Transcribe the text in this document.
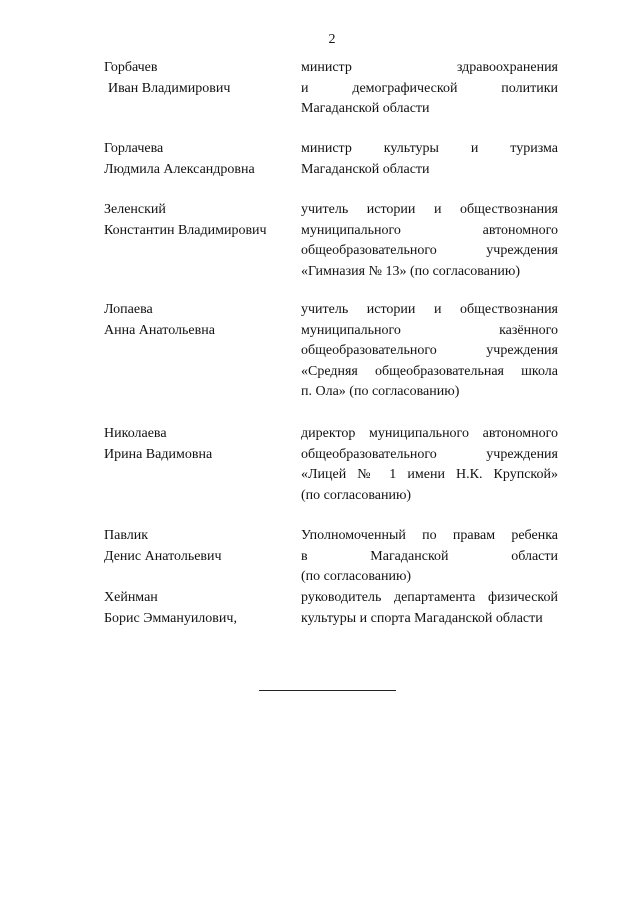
2
Горбачев
Иван Владимирович
министр здравоохранения
и демографической политики
Магаданской области
Горлачева
Людмила Александровна
министр культуры и туризма
Магаданской области
Зеленский
Константин Владимирович
учитель истории и обществознания
муниципального автономного
общеобразовательного учреждения
«Гимназия № 13» (по согласованию)
Лопаева
Анна Анатольевна
учитель истории и обществознания
муниципального казённого
общеобразовательного учреждения
«Средняя общеобразовательная школа
п. Ола» (по согласованию)
Николаева
Ирина Вадимовна
директор муниципального автономного
общеобразовательного учреждения
«Лицей № 1 имени Н.К. Крупской»
(по согласованию)
Павлик
Денис Анатольевич
Уполномоченный по правам ребенка
в Магаданской области
(по согласованию)
Хейнман
Борис Эммануилович,
руководитель департамента физической
культуры и спорта Магаданской области
